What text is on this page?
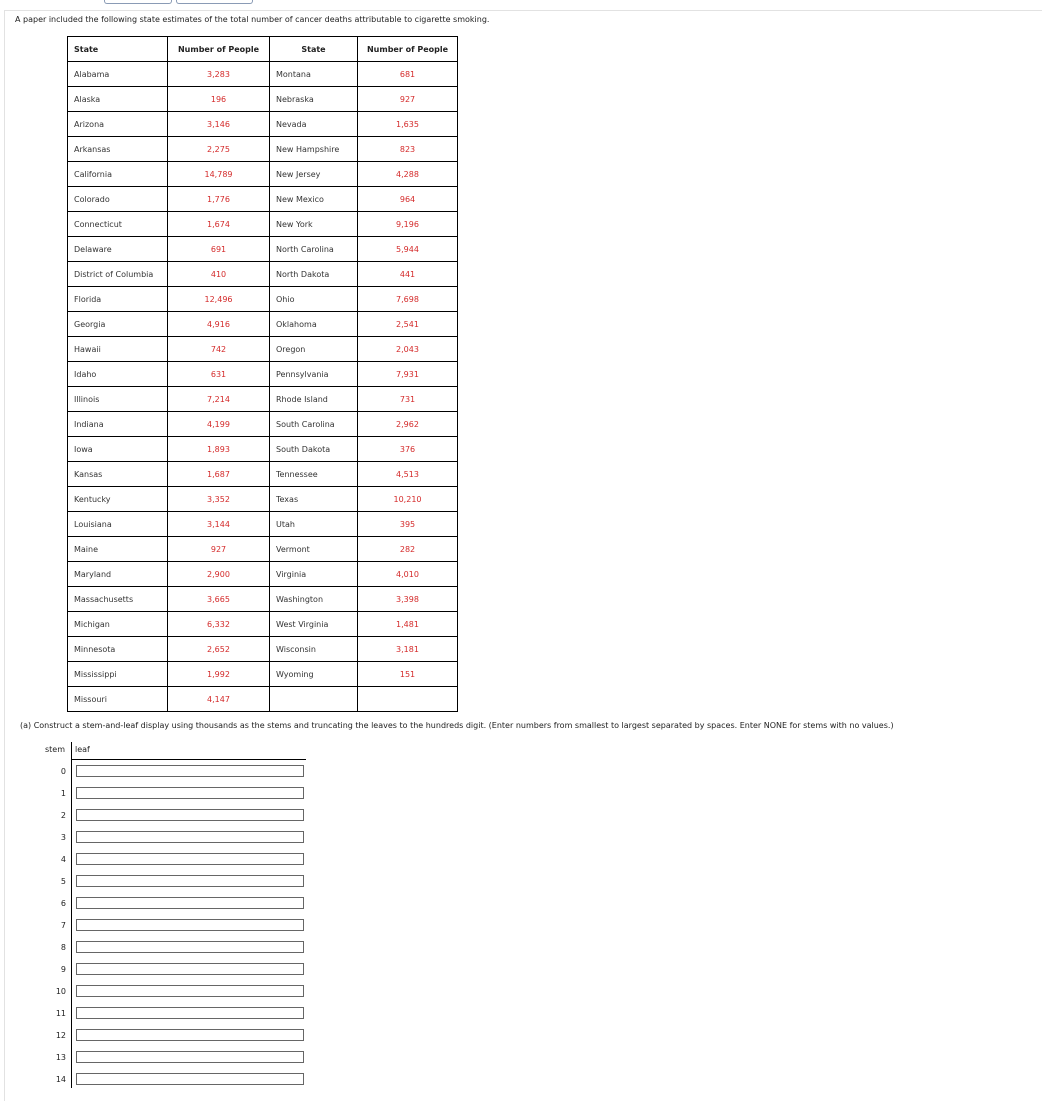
A paper included the following state estimates of the total number of cancer deaths attributable to cigarette smoking.
State	Number of People	State	Number of People
Alabama	3,283	Montana	681
Alaska	196	Nebraska	927
Arizona	3,146	Nevada	1,635
Arkansas	2,275	New Hampshire	823
California	14,789	New Jersey	4,288
Colorado	1,776	New Mexico	964
Connecticut	1,674	New York	9,196
Delaware	691	North Carolina	5,944
District of Columbia	410	North Dakota	441
Florida	12,496	Ohio	7,698
Georgia	4,916	Oklahoma	2,541
Hawaii	742	Oregon	2,043
Idaho	631	Pennsylvania	7,931
Illinois	7,214	Rhode Island	731
Indiana	4,199	South Carolina	2,962
Iowa	1,893	South Dakota	376
Kansas	1,687	Tennessee	4,513
Kentucky	3,352	Texas	10,210
Louisiana	3,144	Utah	395
Maine	927	Vermont	282
Maryland	2,900	Virginia	4,010
Massachusetts	3,665	Washington	3,398
Michigan	6,332	West Virginia	1,481
Minnesota	2,652	Wisconsin	3,181
Mississippi	1,992	Wyoming	151
Missouri	4,147		
(a) Construct a stem-and-leaf display using thousands as the stems and truncating the leaves to the hundreds digit. (Enter numbers from smallest to largest separated by spaces. Enter NONE for stems with no values.)
stem leaf
0
1
2
3
4
5
6
7
8
9
10
11
12
13
14
